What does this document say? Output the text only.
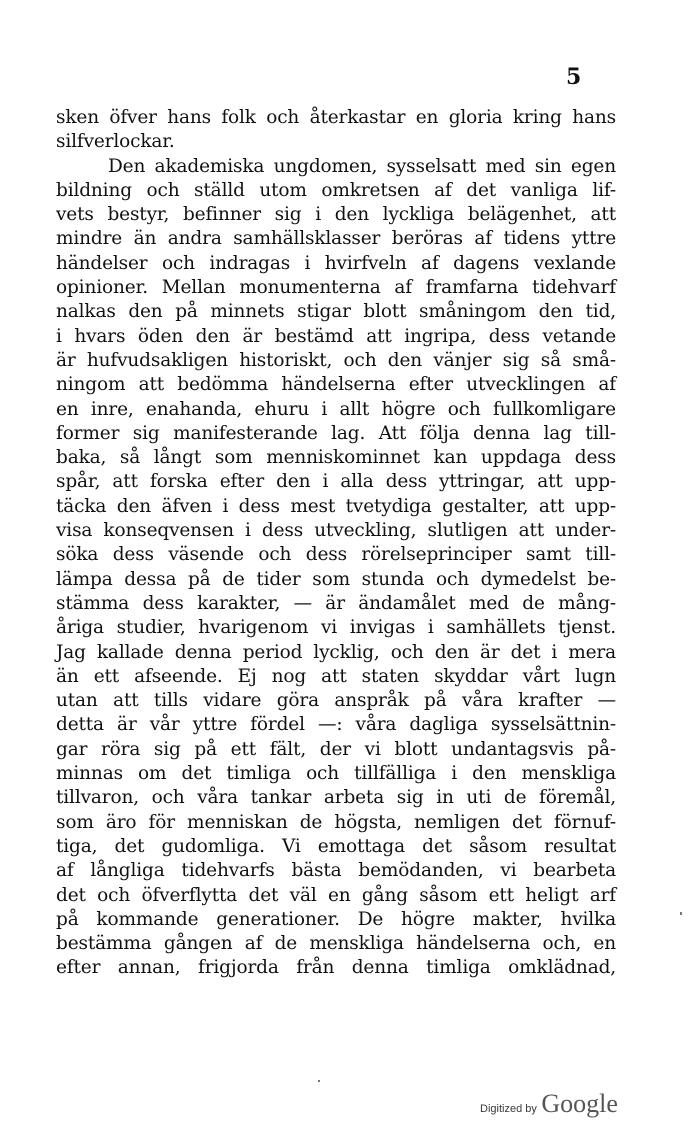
5
sken öfver hans folk och återkastar en gloria kring hans
silfverlockar.
Den akademiska ungdomen, sysselsatt med sin egen
bildning och ställd utom omkretsen af det vanliga lif-
vets bestyr, befinner sig i den lyckliga belägenhet, att
mindre än andra samhällsklasser beröras af tidens yttre
händelser och indragas i hvirfveln af dagens vexlande
opinioner. Mellan monumenterna af framfarna tidehvarf
nalkas den på minnets stigar blott småningom den tid,
i hvars öden den är bestämd att ingripa, dess vetande
är hufvudsakligen historiskt, och den vänjer sig så små-
ningom att bedömma händelserna efter utvecklingen af
en inre, enahanda, ehuru i allt högre och fullkomligare
former sig manifesterande lag. Att följa denna lag till-
baka, så långt som menniskominnet kan uppdaga dess
spår, att forska efter den i alla dess yttringar, att upp-
täcka den äfven i dess mest tvetydiga gestalter, att upp-
visa konseqvensen i dess utveckling, slutligen att under-
söka dess väsende och dess rörelseprinciper samt till-
lämpa dessa på de tider som stunda och dymedelst be-
stämma dess karakter, — är ändamålet med de mång-
åriga studier, hvarigenom vi invigas i samhällets tjenst.
Jag kallade denna period lycklig, och den är det i mera
än ett afseende. Ej nog att staten skyddar vårt lugn
utan att tills vidare göra anspråk på våra krafter —
detta är vår yttre fördel —: våra dagliga sysselsättnin-
gar röra sig på ett fält, der vi blott undantagsvis på-
minnas om det timliga och tillfälliga i den menskliga
tillvaron, och våra tankar arbeta sig in uti de föremål,
som äro för menniskan de högsta, nemligen det förnuf-
tiga, det gudomliga. Vi emottaga det såsom resultat
af långliga tidehvarfs bästa bemödanden, vi bearbeta
det och öfverflytta det väl en gång såsom ett heligt arf
på kommande generationer. De högre makter, hvilka
bestämma gången af de menskliga händelserna och, en
efter annan, frigjorda från denna timliga omklädnad,
Digitized by Google
